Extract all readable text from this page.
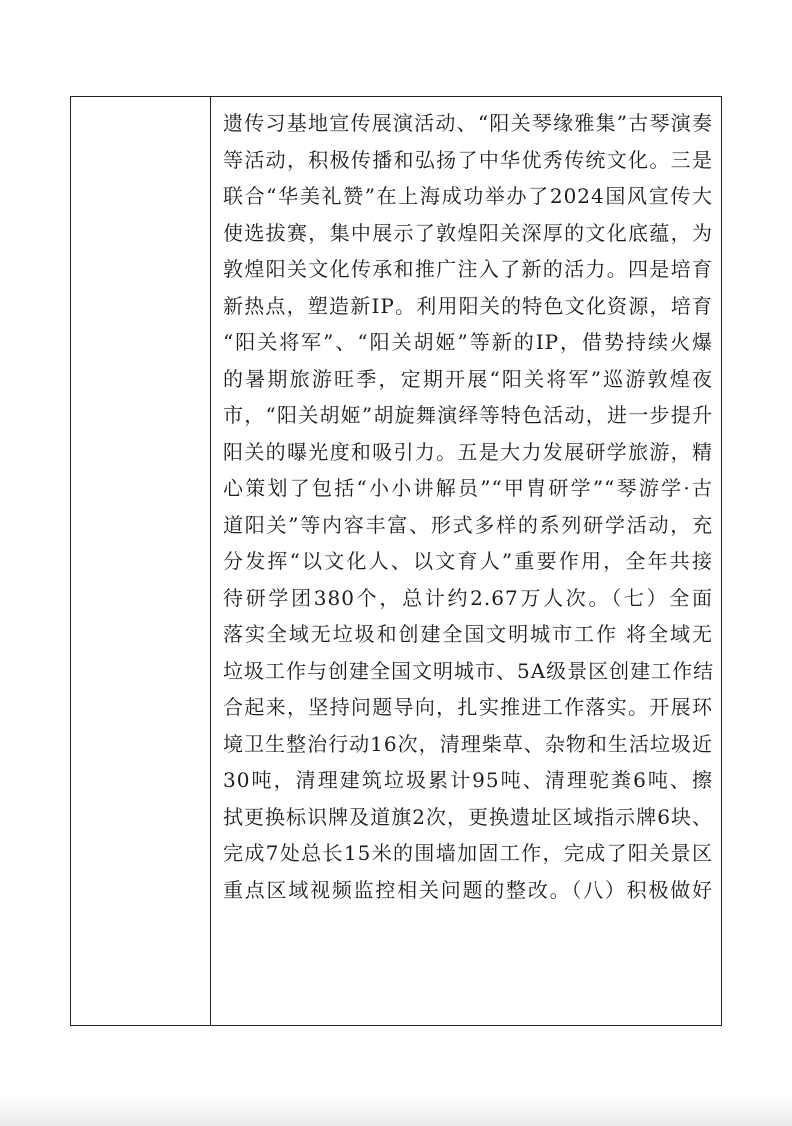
遗传习基地宣传展演活动、“阳关琴缘雅集”古琴演奏
等活动，积极传播和弘扬了中华优秀传统文化。三是
联合“华美礼赞”在上海成功举办了2024国风宣传大
使选拔赛，集中展示了敦煌阳关深厚的文化底蕴，为
敦煌阳关文化传承和推广注入了新的活力。四是培育
新热点，塑造新IP。利用阳关的特色文化资源，培育
“阳关将军”、“阳关胡姬”等新的IP，借势持续火爆
的暑期旅游旺季，定期开展“阳关将军”巡游敦煌夜
市，“阳关胡姬”胡旋舞演绎等特色活动，进一步提升
阳关的曝光度和吸引力。五是大力发展研学旅游，精
心策划了包括“小小讲解员”“甲胄研学”“琴游学·古
道阳关”等内容丰富、形式多样的系列研学活动，充
分发挥“以文化人、以文育人”重要作用，全年共接
待研学团380个，总计约2.67万人次。（七）全面
落实全域无垃圾和创建全国文明城市工作 将全域无
垃圾工作与创建全国文明城市、5A级景区创建工作结
合起来，坚持问题导向，扎实推进工作落实。开展环
境卫生整治行动16次，清理柴草、杂物和生活垃圾近
30吨，清理建筑垃圾累计95吨、清理驼粪6吨、擦
拭更换标识牌及道旗2次，更换遗址区域指示牌6块、
完成7处总长15米的围墙加固工作，完成了阳关景区
重点区域视频监控相关问题的整改。（八）积极做好
